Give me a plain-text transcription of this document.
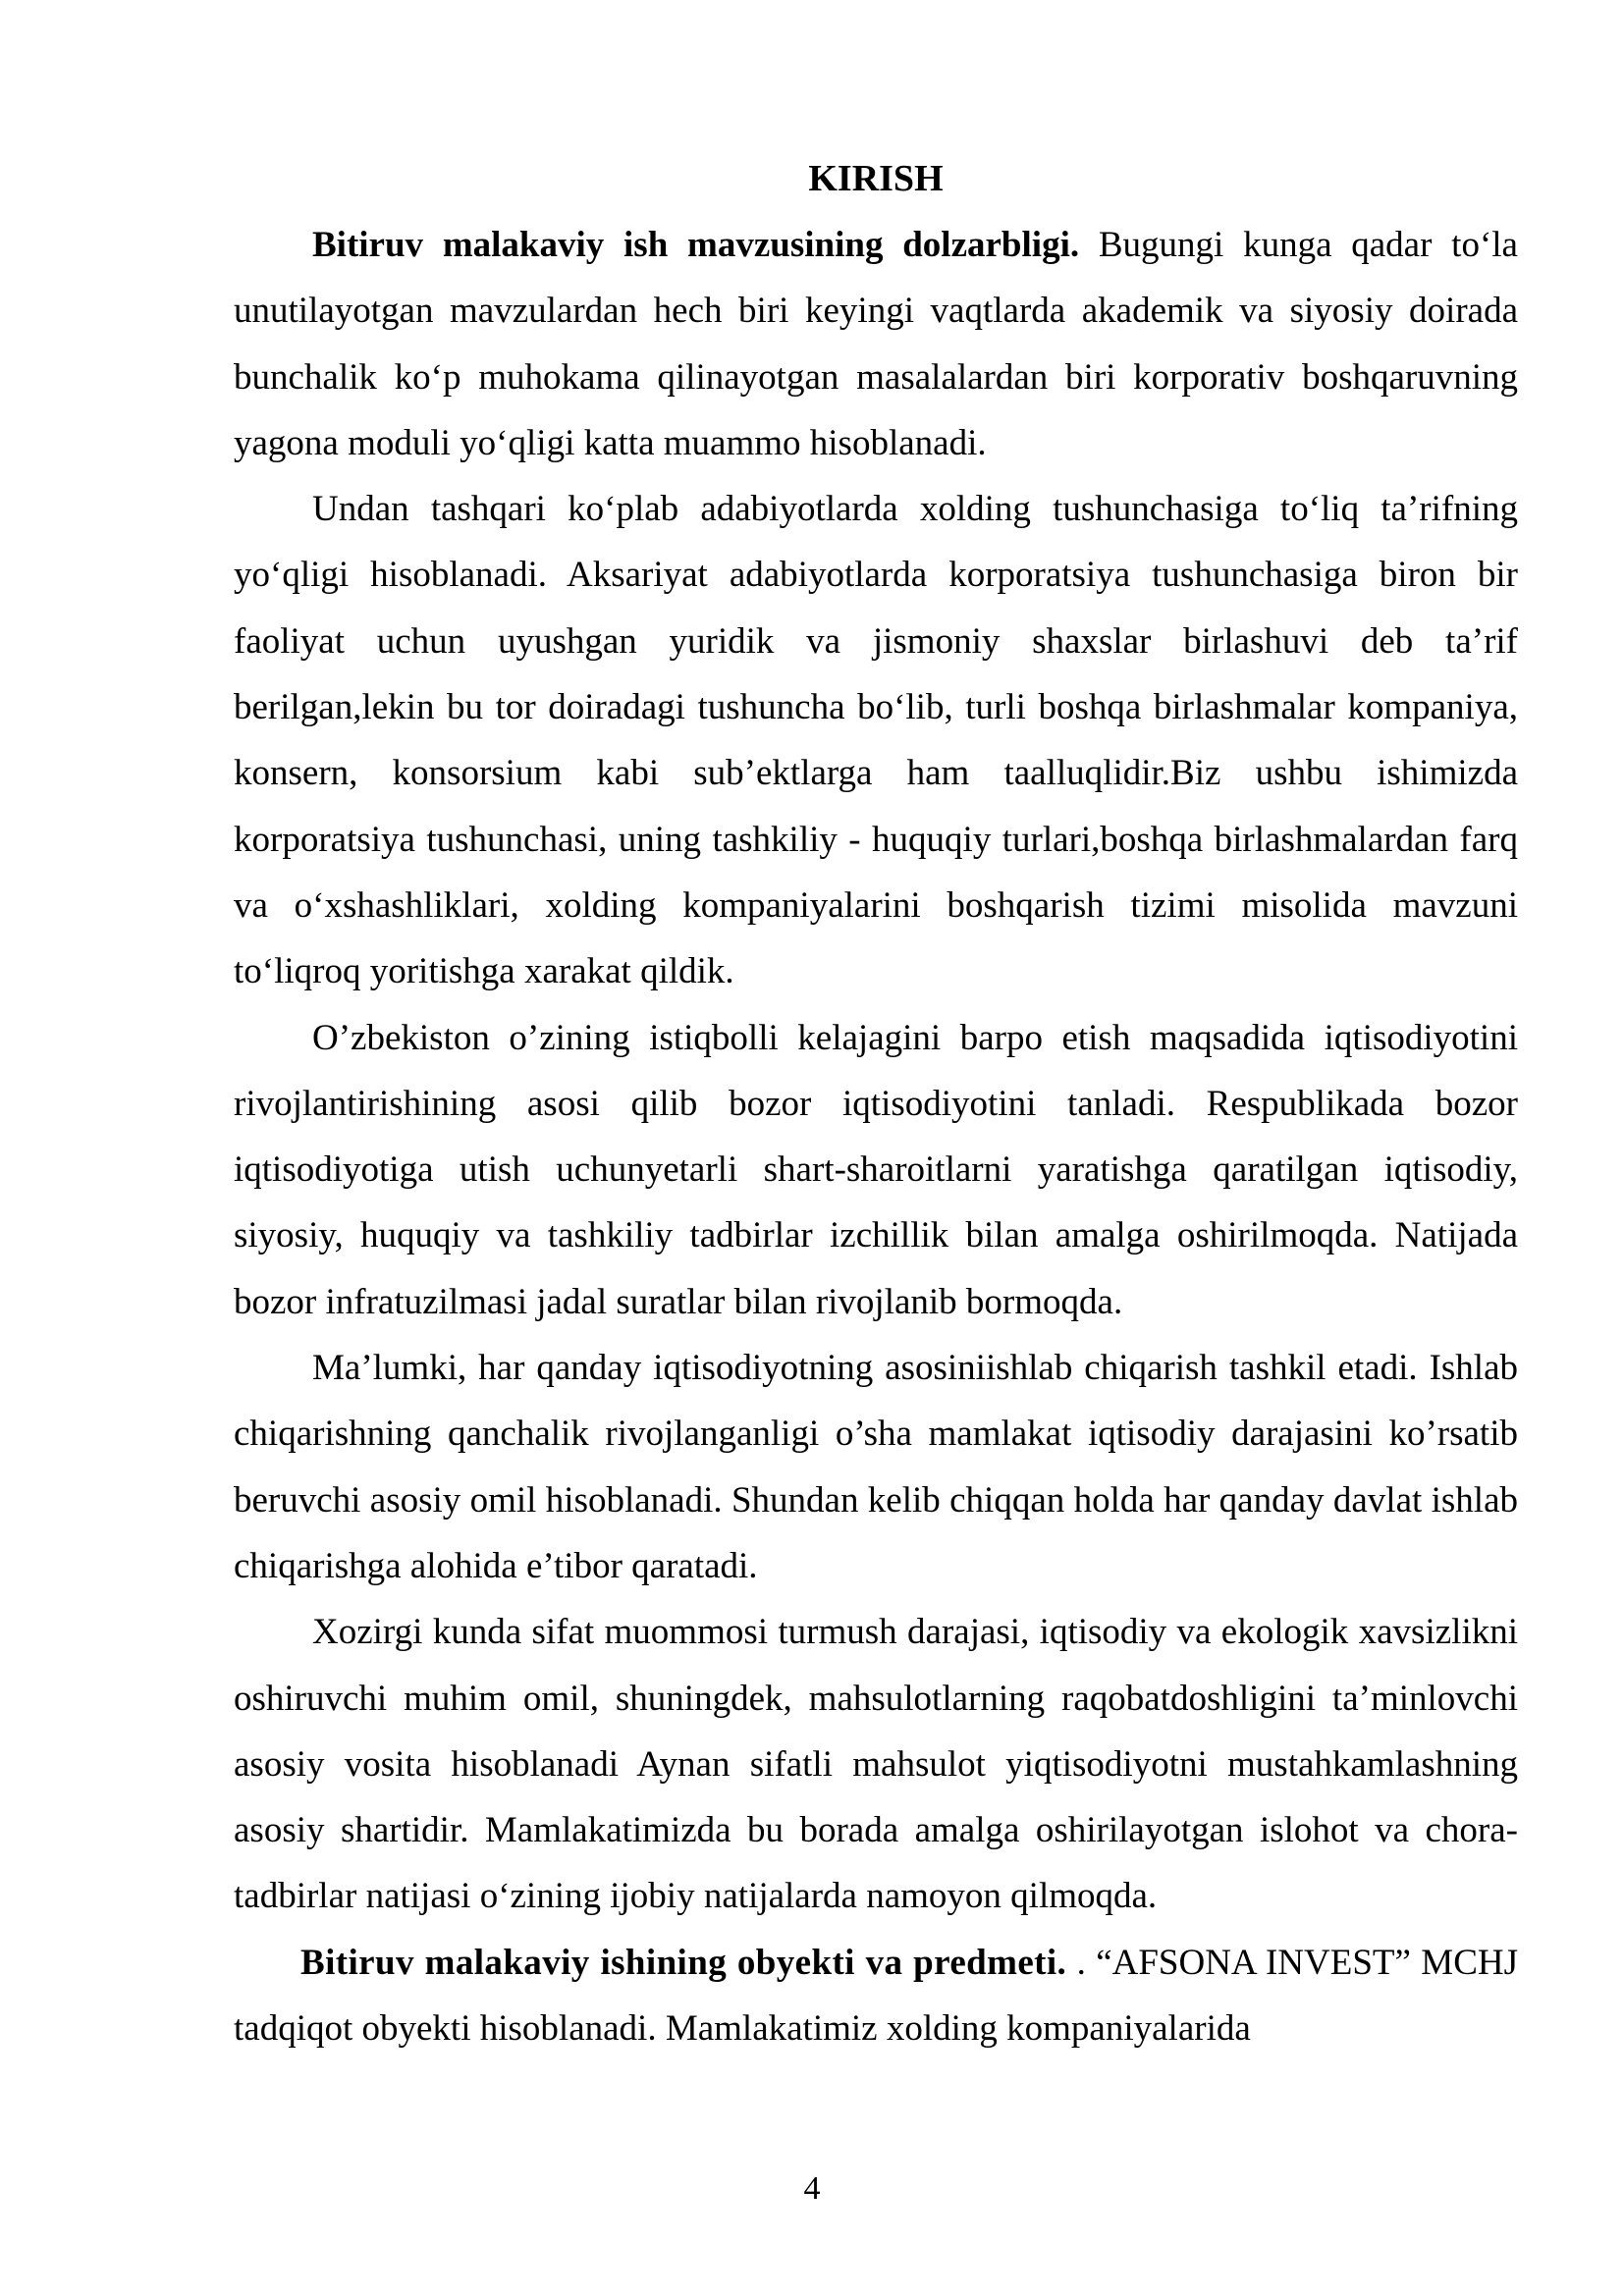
KIRISH

Bitiruv malakaviy ish mavzusining dolzarbligi. Bugungi kunga qadar to‘la unutilayotgan mavzulardan hech biri keyingi vaqtlarda akademik va siyosiy doirada bunchalik ko‘p muhokama qilinayotgan masalalardan biri korporativ boshqaruvning yagona moduli yo‘qligi katta muammo hisoblanadi.

Undan tashqari ko‘plab adabiyotlarda xolding tushunchasiga to‘liq ta’rifning yo‘qligi hisoblanadi. Aksariyat adabiyotlarda korporatsiya tushunchasiga biron bir faoliyat uchun uyushgan yuridik va jismoniy shaxslar birlashuvi deb ta’rif berilgan,lekin bu tor doiradagi tushuncha bo‘lib, turli boshqa birlashmalar kompaniya, konsern, konsorsium kabi sub’ektlarga ham taalluqlidir.Biz ushbu ishimizda korporatsiya tushunchasi, uning tashkiliy - huquqiy turlari,boshqa birlashmalardan farq va o‘xshashliklari, xolding kompaniyalarini boshqarish tizimi misolida mavzuni to‘liqroq yoritishga xarakat qildik.

O’zbekiston o’zining istiqbolli kelajagini barpo etish maqsadida iqtisodiyotini rivojlantirishining asosi qilib bozor iqtisodiyotini tanladi. Respublikada bozor iqtisodiyotiga utish uchunyetarli shart-sharoitlarni yaratishga qaratilgan iqtisodiy, siyosiy, huquqiy va tashkiliy tadbirlar izchillik bilan amalga oshirilmoqda. Natijada bozor infratuzilmasi jadal suratlar bilan rivojlanib bormoqda.

Ma’lumki, har qanday iqtisodiyotning asosiniishlab chiqarish tashkil etadi. Ishlab chiqarishning qanchalik rivojlanganligi o’sha mamlakat iqtisodiy darajasini ko’rsatib beruvchi asosiy omil hisoblanadi. Shundan kelib chiqqan holda har qanday davlat ishlab chiqarishga alohida e’tibor qaratadi.

Xozirgi kunda sifat muommosi turmush darajasi, iqtisodiy va ekologik xavsizlikni oshiruvchi muhim omil, shuningdek, mahsulotlarning raqobatdoshligini ta’minlovchi asosiy vosita hisoblanadi Aynan sifatli mahsulot yiqtisodiyotni mustahkamlashning asosiy shartidir. Mamlakatimizda bu borada amalga oshirilayotgan islohot va chora-tadbirlar natijasi o‘zining ijobiy natijalarda namoyon qilmoqda.

Bitiruv malakaviy ishining obyekti va predmeti. . “AFSONA INVEST” MCHJ tadqiqot obyekti hisoblanadi. Mamlakatimiz xolding kompaniyalarida

4
